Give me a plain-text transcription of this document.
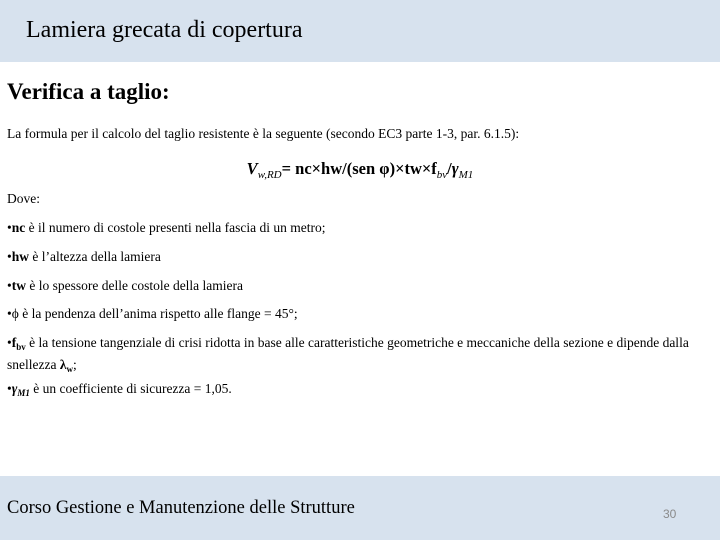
Lamiera grecata di copertura
Verifica a taglio:
La formula per il calcolo del taglio resistente è la seguente (secondo EC3 parte 1-3, par. 6.1.5):
$V_{w,RD}= nc\times hw/(sen$ $\varphi)\times tw\times f_{bv}/\gamma_{M1}$
Dove:
•nc è il numero di costole presenti nella fascia di un metro;
•hw è l’altezza della lamiera
•tw è lo spessore delle costole della lamiera
•ϕ è la pendenza dell’anima rispetto alle flange = 45°;
$•f_{bv}$ è la tensione tangenziale di crisi ridotta in base alle caratteristiche geometriche e meccaniche della sezione e dipende dalla snellezza $\lambda_w$;
$•\gamma_{M1}$ è un coefficiente di sicurezza = 1,05.
Corso Gestione e Manutenzione delle Strutture	30
